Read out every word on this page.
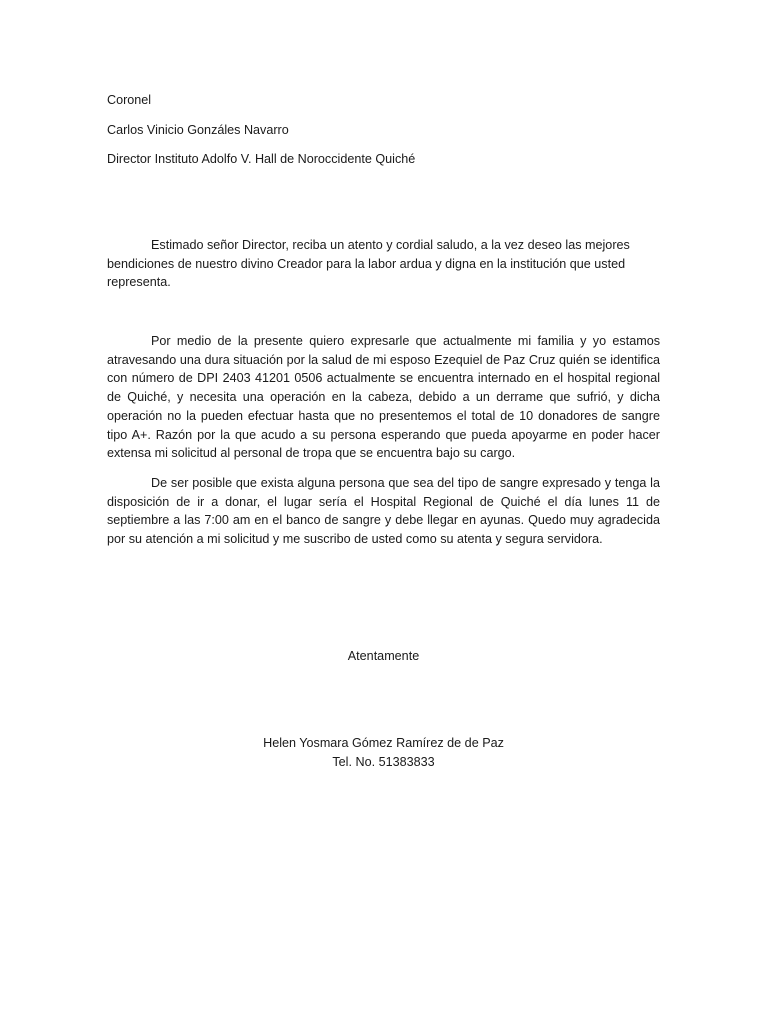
Coronel
Carlos Vinicio Gonzáles Navarro
Director Instituto Adolfo V. Hall de Noroccidente Quiché
Estimado señor Director, reciba un atento y cordial saludo, a la vez deseo las mejores bendiciones de nuestro divino Creador para la labor ardua y digna en la institución que usted representa.
Por medio de la presente quiero expresarle que actualmente mi familia y yo estamos atravesando una dura situación por la salud de mi esposo Ezequiel de Paz Cruz quién se identifica con número de DPI 2403 41201 0506 actualmente se encuentra internado en el hospital regional de Quiché, y necesita una operación en la cabeza, debido a un derrame que sufrió, y dicha operación no la pueden efectuar hasta que no presentemos el total de 10 donadores de sangre tipo A+. Razón por la que acudo a su persona esperando que pueda apoyarme en poder hacer extensa mi solicitud al personal de tropa que se encuentra bajo su cargo.
De ser posible que exista alguna persona que sea del tipo de sangre expresado y tenga la disposición de ir a donar, el lugar sería el Hospital Regional de Quiché el día lunes 11 de septiembre a las 7:00 am en el banco de sangre y debe llegar en ayunas. Quedo muy agradecida por su atención a mi solicitud y me suscribo de usted como su atenta y segura servidora.
Atentamente
Helen Yosmara Gómez Ramírez de de Paz
Tel. No. 51383833
